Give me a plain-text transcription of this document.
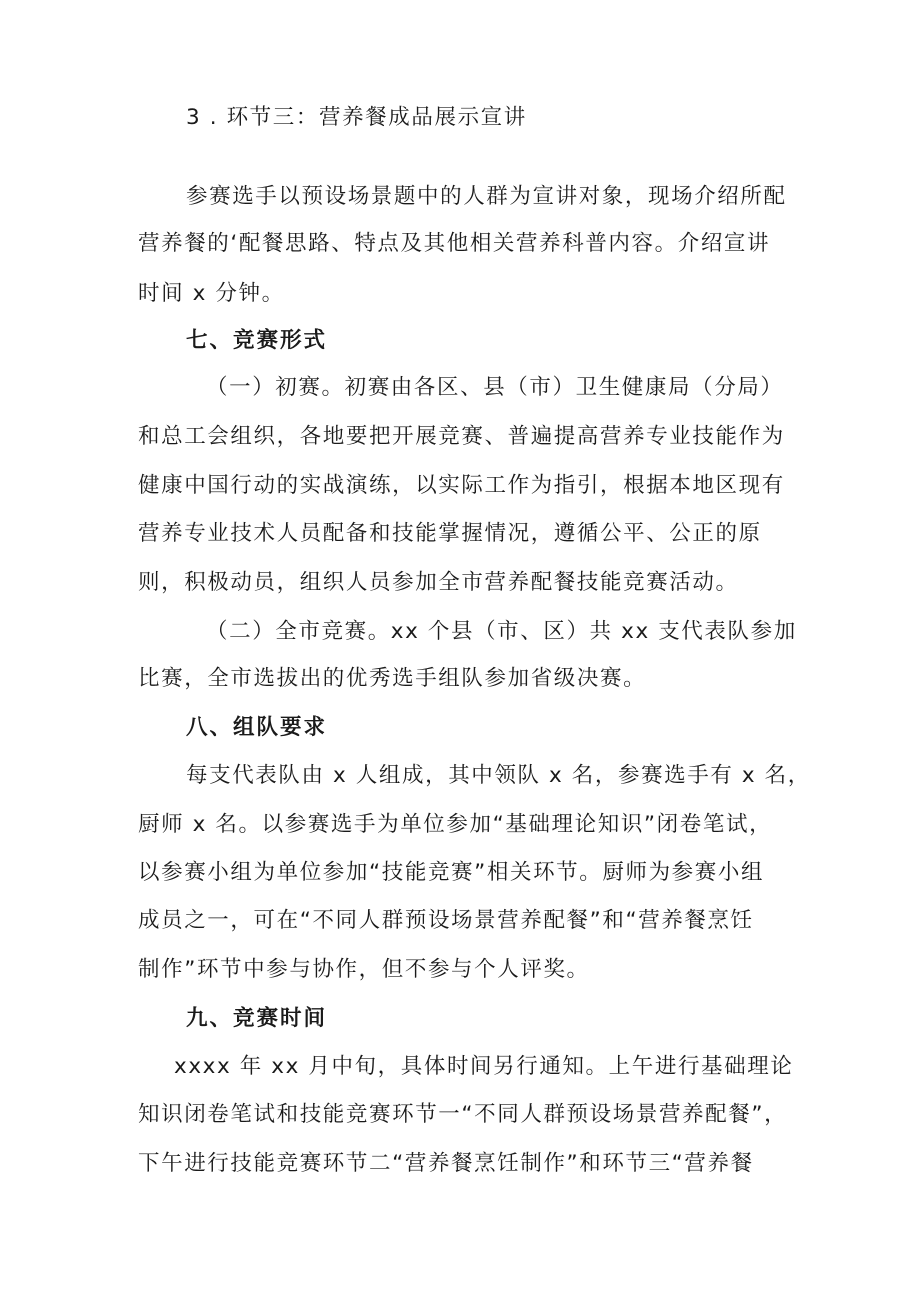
3 . 环节三：营养餐成品展示宣讲
参赛选手以预设场景题中的人群为宣讲对象，现场介绍所配
营养餐的‘配餐思路、特点及其他相关营养科普内容。介绍宣讲
时间 x 分钟。
七、竞赛形式
（一）初赛。初赛由各区、县（市）卫生健康局（分局）
和总工会组织，各地要把开展竞赛、普遍提高营养专业技能作为
健康中国行动的实战演练，以实际工作为指引，根据本地区现有
营养专业技术人员配备和技能掌握情况，遵循公平、公正的原
则，积极动员，组织人员参加全市营养配餐技能竞赛活动。
（二）全市竞赛。xx 个县（市、区）共 xx 支代表队参加
比赛，全市选拔出的优秀选手组队参加省级决赛。
八、组队要求
每支代表队由 x 人组成，其中领队 x 名，参赛选手有 x 名，
厨师 x 名。以参赛选手为单位参加“基础理论知识”闭卷笔试，
以参赛小组为单位参加“技能竞赛”相关环节。厨师为参赛小组
成员之一，可在“不同人群预设场景营养配餐”和“营养餐烹饪
制作”环节中参与协作，但不参与个人评奖。
九、竞赛时间
xxxx 年 xx 月中旬，具体时间另行通知。上午进行基础理论
知识闭卷笔试和技能竞赛环节一“不同人群预设场景营养配餐”，
下午进行技能竞赛环节二“营养餐烹饪制作”和环节三“营养餐
